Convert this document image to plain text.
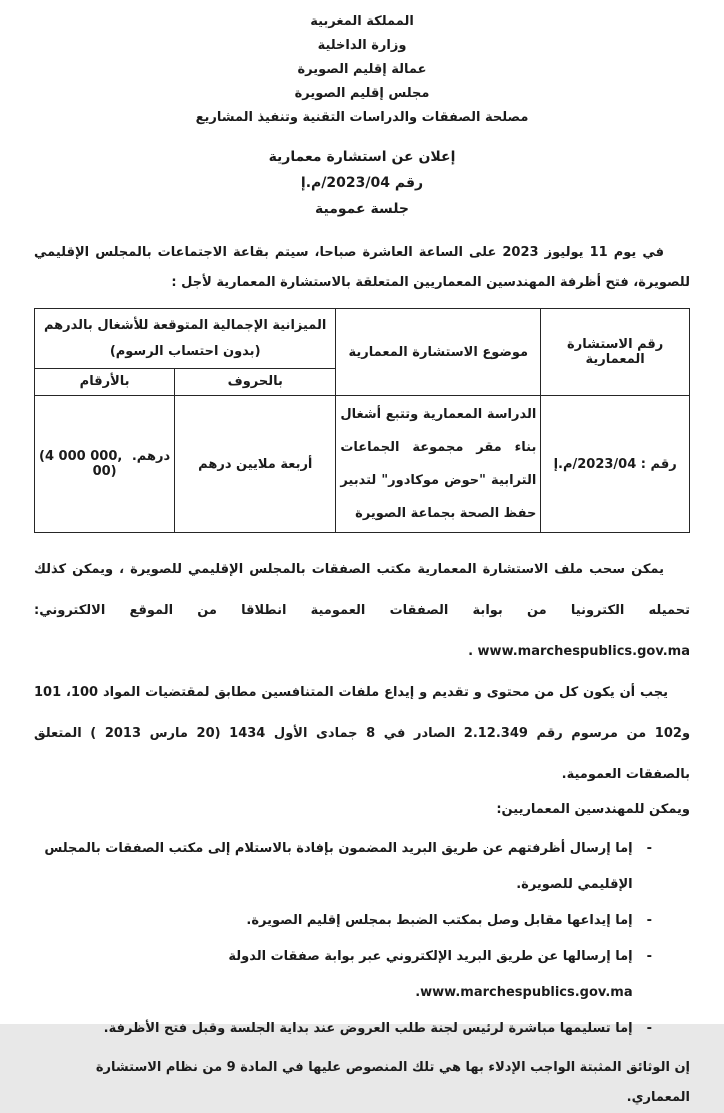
المملكة المغربية
وزارة الداخلية
عمالة إقليم الصويرة
مجلس إقليم الصويرة
مصلحة الصفقات والدراسات التقنية وتنفيذ المشاريع
إعلان عن استشارة معمارية
رقم 2023/04/م.إ
جلسة عمومية

في يوم 11 يوليوز 2023 على الساعة العاشرة صباحا، سيتم بقاعة الاجتماعات بالمجلس الإقليمي للصويرة، فتح أظرفة المهندسين المعماريين المتعلقة بالاستشارة المعمارية لأجل :

رقم الاستشارة المعمارية	موضوع الاستشارة المعمارية	الميزانية الإجمالية المتوقعة للأشغال بالدرهم
(بدون احتساب الرسوم)	

		بالحروف	بالأرقام
رقم : 2023/04/م.إ	الدراسة المعمارية وتتبع أشغال بناء مقر مجموعة الجماعات الترابية "حوض موكادور" لتدبير حفظ الصحة بجماعة الصويرة	أربعة ملايين درهم	درهم. (4 000 000, 00)

يمكن سحب ملف الاستشارة المعمارية مكتب الصفقات بالمجلس الإقليمي للصويرة ، ويمكن كذلك تحميله الكترونيا من بوابة الصفقات العمومية انطلاقا من الموقع الالكتروني: www.marchespublics.gov.ma .

يجب أن يكون كل من محتوى و تقديم و إيداع ملفات المتنافسين مطابق لمقتضيات المواد 100، 101 و102 من مرسوم رقم 2.12.349 الصادر في 8 جمادى الأول 1434 (20 مارس 2013 ) المتعلق بالصفقات العمومية.

ويمكن للمهندسين المعماريين:

-
إما إرسال أظرفتهم عن طريق البريد المضمون بإفادة بالاستلام إلى مكتب الصفقات بالمجلس الإقليمي للصويرة.
-
إما إيداعها مقابل وصل بمكتب الضبط بمجلس إقليم الصويرة.
-
إما إرسالها عن طريق البريد الإلكتروني عبر بوابة صفقات الدولة www.marchespublics.gov.ma.
-
إما تسليمها مباشرة لرئيس لجنة طلب العروض عند بداية الجلسة وقبل فتح الأظرفة.

إن الوثائق المثبتة الواجب الإدلاء بها هي تلك المنصوص عليها في المادة 9 من نظام الاستشارة المعماري.
